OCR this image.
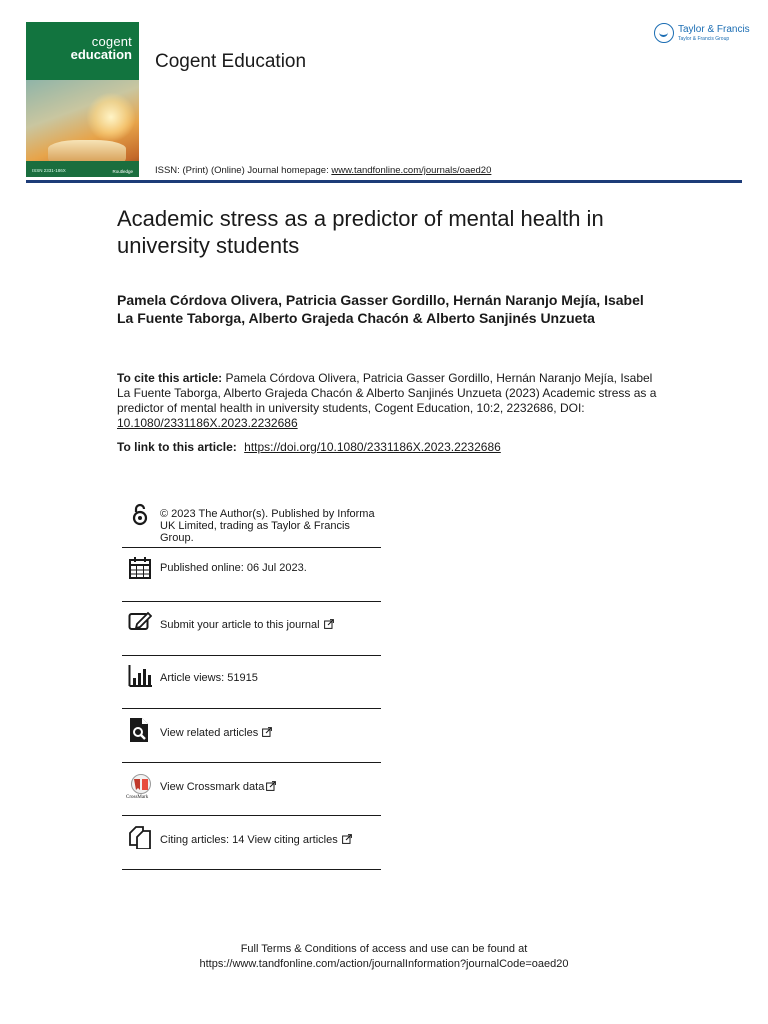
cogent
education
ISSN 2331-186X	Routledge
Cogent Education
Taylor & Francis
Taylor & Francis Group
ISSN: (Print) (Online) Journal homepage: www.tandfonline.com/journals/oaed20
Academic stress as a predictor of mental health in university students

Pamela Córdova Olivera, Patricia Gasser Gordillo, Hernán Naranjo Mejía, Isabel La Fuente Taborga, Alberto Grajeda Chacón & Alberto Sanjinés Unzueta

To cite this article: Pamela Córdova Olivera, Patricia Gasser Gordillo, Hernán Naranjo Mejía, Isabel La Fuente Taborga, Alberto Grajeda Chacón & Alberto Sanjinés Unzueta (2023) Academic stress as a predictor of mental health in university students, Cogent Education, 10:2, 2232686, DOI: 10.1080/2331186X.2023.2232686

To link to this article: https://doi.org/10.1080/2331186X.2023.2232686

© 2023 The Author(s). Published by Informa UK Limited, trading as Taylor & Francis Group.
Published online: 06 Jul 2023.
Submit your article to this journal
Article views: 51915
View related articles
CrossMark
View Crossmark data
Citing articles: 14 View citing articles
Full Terms & Conditions of access and use can be found at
https://www.tandfonline.com/action/journalInformation?journalCode=oaed20
